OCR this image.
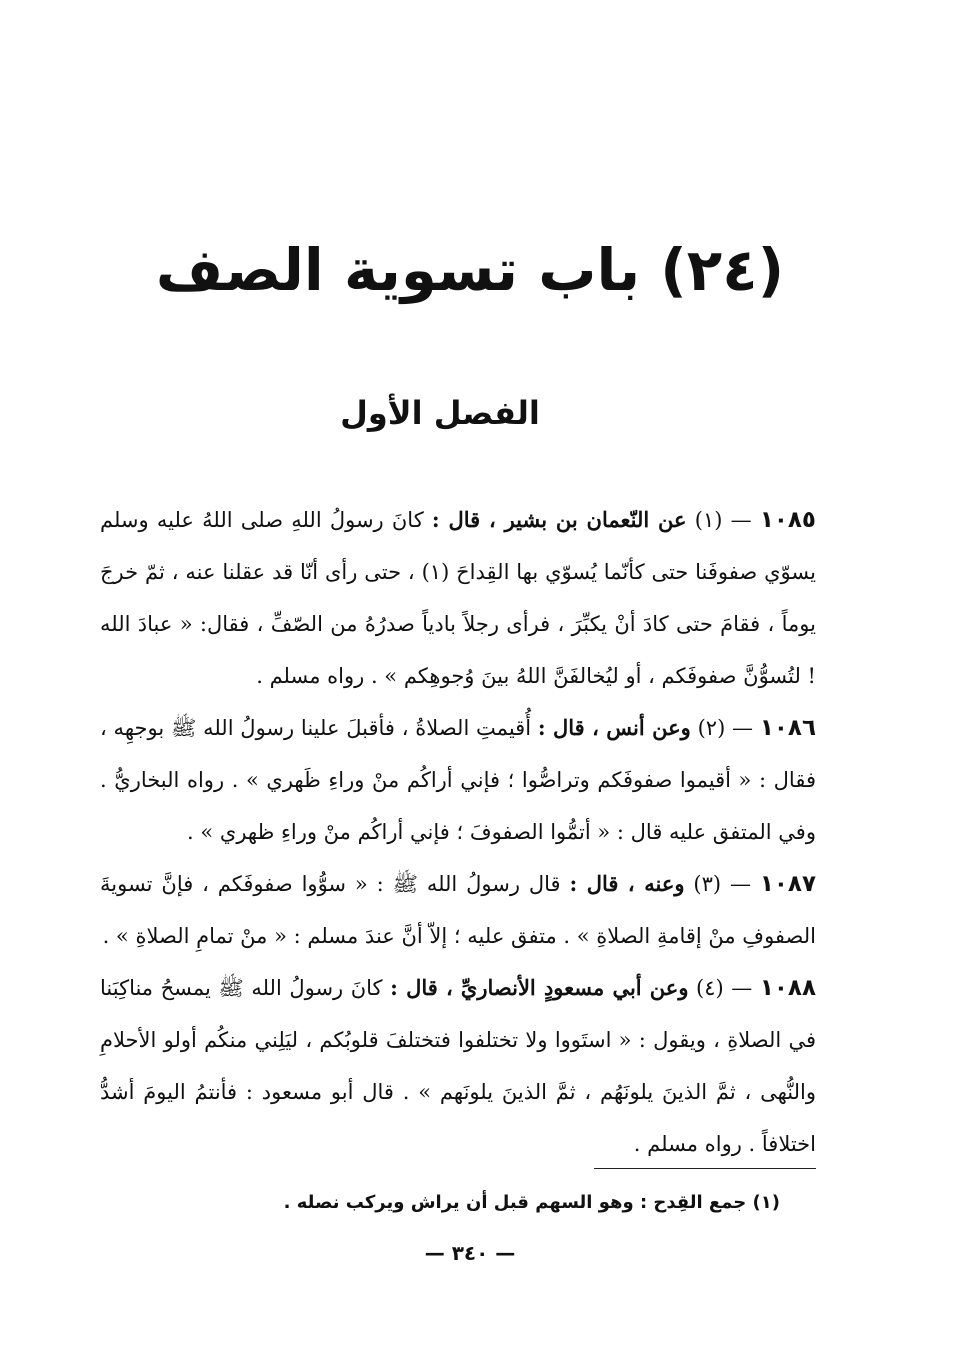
(٢٤) باب تسوية الصف
الفصل الأول

١٠٨٥ — (١) عن النّعمان بن بشير ، قال : كانَ رسولُ اللهِ صلى اللهُ عليه وسلم يسوّي صفوفَنا حتى كأنّما يُسوّي بها القِداحَ (١) ، حتى رأى أنّا قد عقلنا عنه ، ثمّ خرجَ يوماً ، فقامَ حتى كادَ أنْ يكبِّرَ ، فرأى رجلاً بادياً صدرُهُ من الصّفِّ ، فقال: « عبادَ الله ! لتُسوُّنَّ صفوفَكم ، أو ليُخالفَنَّ اللهُ بينَ وُجوهِكم » . رواه مسلم .

١٠٨٦ — (٢) وعن أنس ، قال : أُقيمتِ الصلاةُ ، فأقبلَ علينا رسولُ الله ﷺ بوجهِه ، فقال : « أقيموا صفوفَكم وتراصُّوا ؛ فإني أراكُم منْ وراءِ ظَهري » . رواه البخاريُّ . وفي المتفق عليه قال : « أتمُّوا الصفوفَ ؛ فإني أراكُم منْ وراءِ ظهري » .

١٠٨٧ — (٣) وعنه ، قال : قال رسولُ الله ﷺ : « سوُّوا صفوفَكم ، فإنَّ تسويةَ الصفوفِ منْ إقامةِ الصلاةِ » . متفق عليه ؛ إلاّ أنَّ عندَ مسلم : « منْ تمامِ الصلاةِ » .

١٠٨٨ — (٤) وعن أبي مسعودٍ الأنصاريِّ ، قال : كانَ رسولُ الله ﷺ يمسحُ مناكِبَنا في الصلاةِ ، ويقول : « استَووا ولا تختلفوا فتختلفَ قلوبُكم ، ليَلِني منكُم أولو الأحلامِ والنُّهى ، ثمَّ الذينَ يلونَهُم ، ثمَّ الذينَ يلونَهم » . قال أبو مسعود : فأنتمُ اليومَ أشدُّ اختلافاً . رواه مسلم .

(١) جمع القِدح : وهو السهم قبل أن يراش ويركب نصله .
— ٣٤٠ —
